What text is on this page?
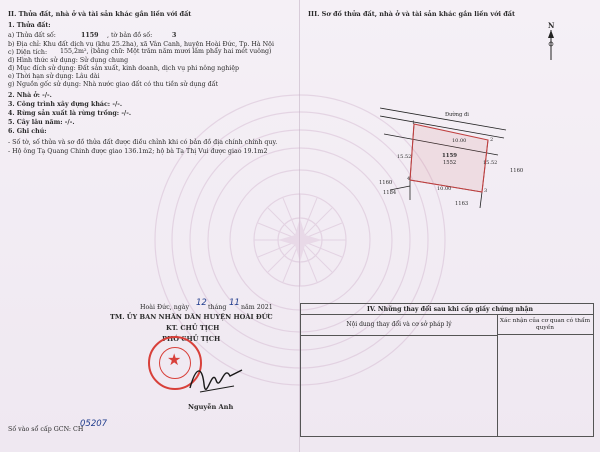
II. Thửa đất, nhà ở và tài sản khác gắn liền với đất
1. Thửa đất:
a) Thửa đất số:	1159 , tờ bản đồ số:	3
b) Địa chỉ: Khu đất dịch vụ (khu 25.2ha), xã Vân Canh, huyện Hoài Đức, Tp. Hà Nội
c) Diện tích: 155,2m², (bằng chữ: Một trăm năm mươi lăm phẩy hai mét vuông)
d) Hình thức sử dụng: Sử dụng chung
đ) Mục đích sử dụng: Đất sản xuất, kinh doanh, dịch vụ phi nông nghiệp
e) Thời hạn sử dụng: Lâu dài
g) Nguồn gốc sử dụng: Nhà nước giao đất có thu tiền sử dụng đất
2. Nhà ở: -/-.
3. Công trình xây dựng khác: -/-.
4. Rừng sản xuất là rừng trồng: -/-.
5. Cây lâu năm: -/-.
6. Ghi chú:
- Số tờ, số thửa và sơ đồ thửa đất được điều chỉnh khi có bản đồ địa chính chính quy.
- Hộ ông Tạ Quang Chinh được giao 136.1m2; hộ bà Tạ Thị Vui được giao 19.1m2
Hoài Đức, ngày 12 tháng 11 năm 2021
TM. ỦY BAN NHÂN DÂN HUYỆN HOÀI ĐỨC
KT. CHỦ TỊCH
PHÓ CHỦ TỊCH
★
Nguyễn Anh
Số vào sổ cấp GCN: CH
05207
III. Sơ đồ thửa đất, nhà ở và tài sản khác gắn liền với đất
N
Đường đi
1159
1552
1160
1160
1184
1163
10.00
15.52
10.00
15.52
1
2
3
4
IV. Những thay đổi sau khi cấp giấy chứng nhận
Nội dung thay đổi và cơ sở pháp lý	Xác nhận của cơ quan có thẩm quyền
